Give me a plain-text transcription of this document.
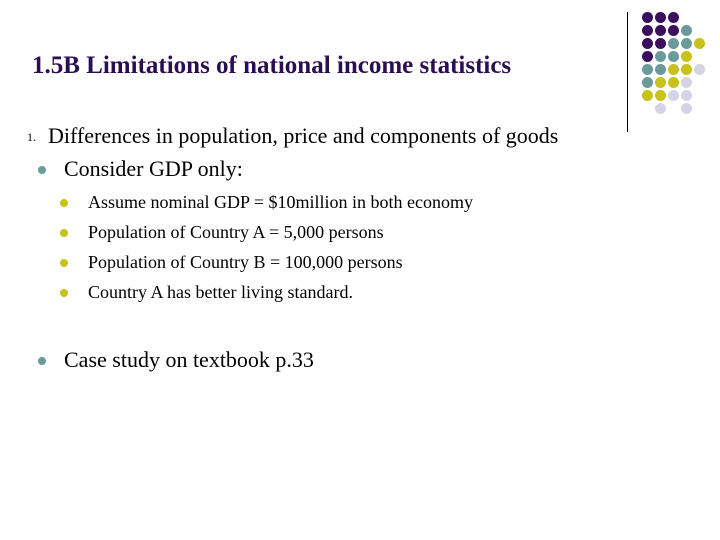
1.5B Limitations of national income statistics
1. Differences in population, price and components of goods
Consider GDP only:
Assume nominal GDP = $10million in both economy
Population of Country A = 5,000 persons
Population of Country B = 100,000 persons
Country A has better living standard.
Case study on textbook p.33
